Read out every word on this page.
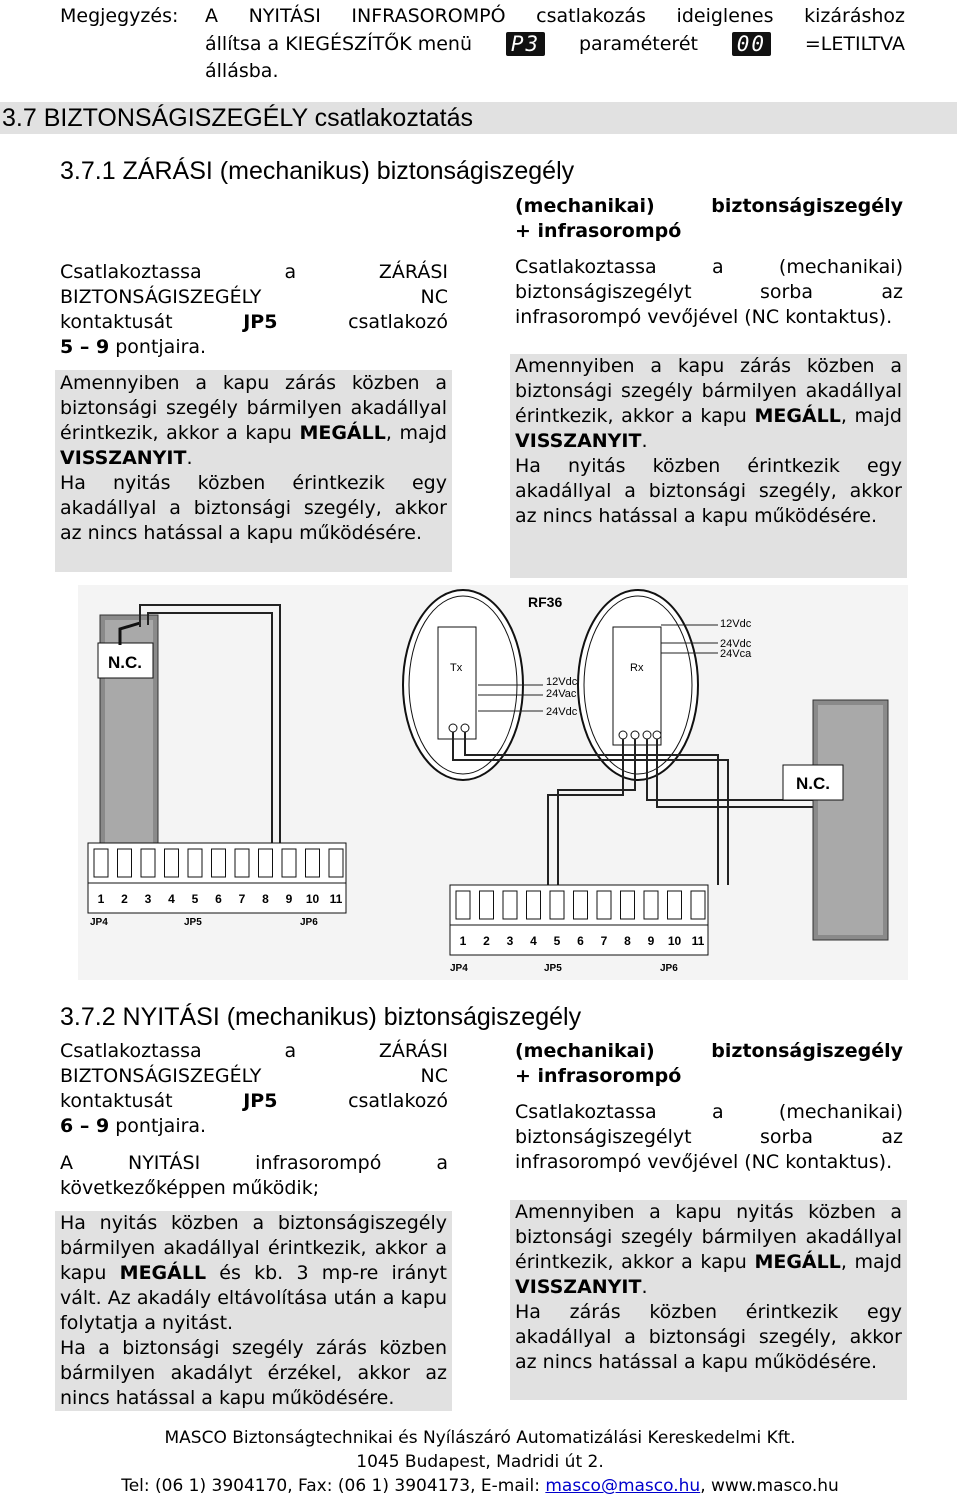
Megjegyzés:	A NYITÁSI INFRASOROMPÓ csatlakozás ideiglenes kizáráshoz
állítsa a KIEGÉSZÍTŐK menü P3 paraméterét 00 =LETILTVA
állásba.
3.7 BIZTONSÁGISZEGÉLY csatlakoztatás
3.7.1 ZÁRÁSI (mechanikus) biztonságiszegély
Csatlakoztassa a ZÁRÁSI
BIZTONSÁGISZEGÉLY NC
kontaktusát	JP5	csatlakozó
5 – 9 pontjaira.
Amennyiben a kapu zárás közben a biztonsági szegély bármilyen akadállyal érintkezik, akkor a kapu MEGÁLL, majd VISSZANYIT.
Ha nyitás közben érintkezik egy akadállyal a biztonsági szegély, akkor az nincs hatással a kapu működésére.
(mechanikai) biztonságiszegély
+ infrasorompó
Csatlakoztassa a (mechanikai) biztonságiszegélyt sorba az infrasorompó vevőjével (NC kontaktus).
Amennyiben a kapu zárás közben a biztonsági szegély bármilyen akadállyal érintkezik, akkor a kapu MEGÁLL, majd VISSZANYIT.
Ha nyitás közben érintkezik egy akadállyal a biztonsági szegély, akkor az nincs hatással a kapu működésére.
N.C.
RF36
Tx	Rx
12Vdc
24Vac
24Vdc
12Vdc
24Vdc
24Vca
N.C.
1 2 3 4 5 6 7 8 9 10 11
1 2 3 4 5 6 7 8 9 10 11
JP4	JP5	JP6
JP4	JP5	JP6
3.7.2 NYITÁSI (mechanikus) biztonságiszegély
Csatlakoztassa a ZÁRÁSI
BIZTONSÁGISZEGÉLY NC
kontaktusát	JP5	csatlakozó
6 – 9 pontjaira.
A NYITÁSI infrasorompó a következőképpen működik;
Ha nyitás közben a biztonságiszegély bármilyen akadállyal érintkezik, akkor a kapu MEGÁLL és kb. 3 mp-re irányt vált. Az akadály eltávolítása után a kapu folytatja a nyitást.
Ha a biztonsági szegély zárás közben bármilyen akadályt érzékel, akkor az nincs hatással a kapu működésére.
(mechanikai) biztonságiszegély
+ infrasorompó
Csatlakoztassa a (mechanikai) biztonságiszegélyt sorba az infrasorompó vevőjével (NC kontaktus).
Amennyiben a kapu nyitás közben a biztonsági szegély bármilyen akadállyal érintkezik, akkor a kapu MEGÁLL, majd VISSZANYIT.
Ha zárás közben érintkezik egy akadállyal a biztonsági szegély, akkor az nincs hatással a kapu működésére.
MASCO Biztonságtechnikai és Nyílászáró Automatizálási Kereskedelmi Kft.
1045 Budapest, Madridi út 2.
Tel: (06 1) 3904170, Fax: (06 1) 3904173, E-mail: masco@masco.hu, www.masco.hu
